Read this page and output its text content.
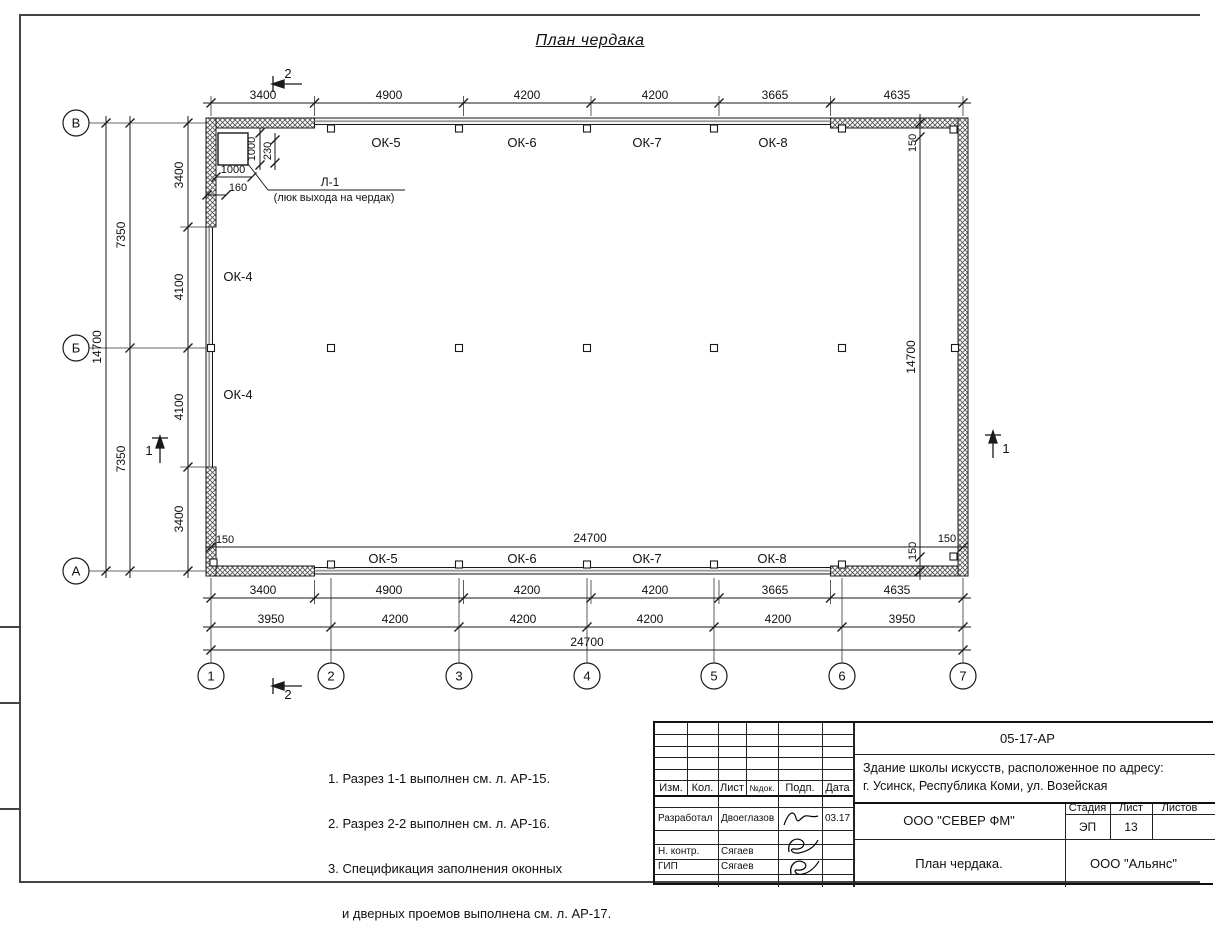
План чердака
1	2	3	4	5	6	7
В
Б
А
3400	4900	4200	4200	3665	4635
3400	4900	4200	4200	3665	4635
3950	4200	4200	4200	4200	3950
24700
150	24700	150
14700
7350
7350
3400
4100
4100
3400
150
14700
150
1000 230
1000
160
ОК-5	ОК-6	ОК-7	ОК-8
ОК-5	ОК-6	ОК-7	ОК-8
ОК-4
ОК-4
Л-1
(люк выхода на чердак)
2
2
1	1

1. Разрез 1-1 выполнен см. л. АР-15.

2. Разрез 2-2 выполнен см. л. АР-16.

3. Спецификация заполнения оконных

и дверных проемов выполнена см. л. АР-17.

Изм. Кол. Лист №док. Подп. Дата
Разработал Двоеглазов	03.17
Н. контр.	Сягаев
ГИП	Сягаев
05-17-АР
Здание школы искусств, расположенное по адресу:
г. Усинск, Республика Коми, ул. Возейская
ООО "СЕВЕР ФМ"
План чердака.
Стадия	Лист	Листов
ЭП	13
ООО "Альянс"
